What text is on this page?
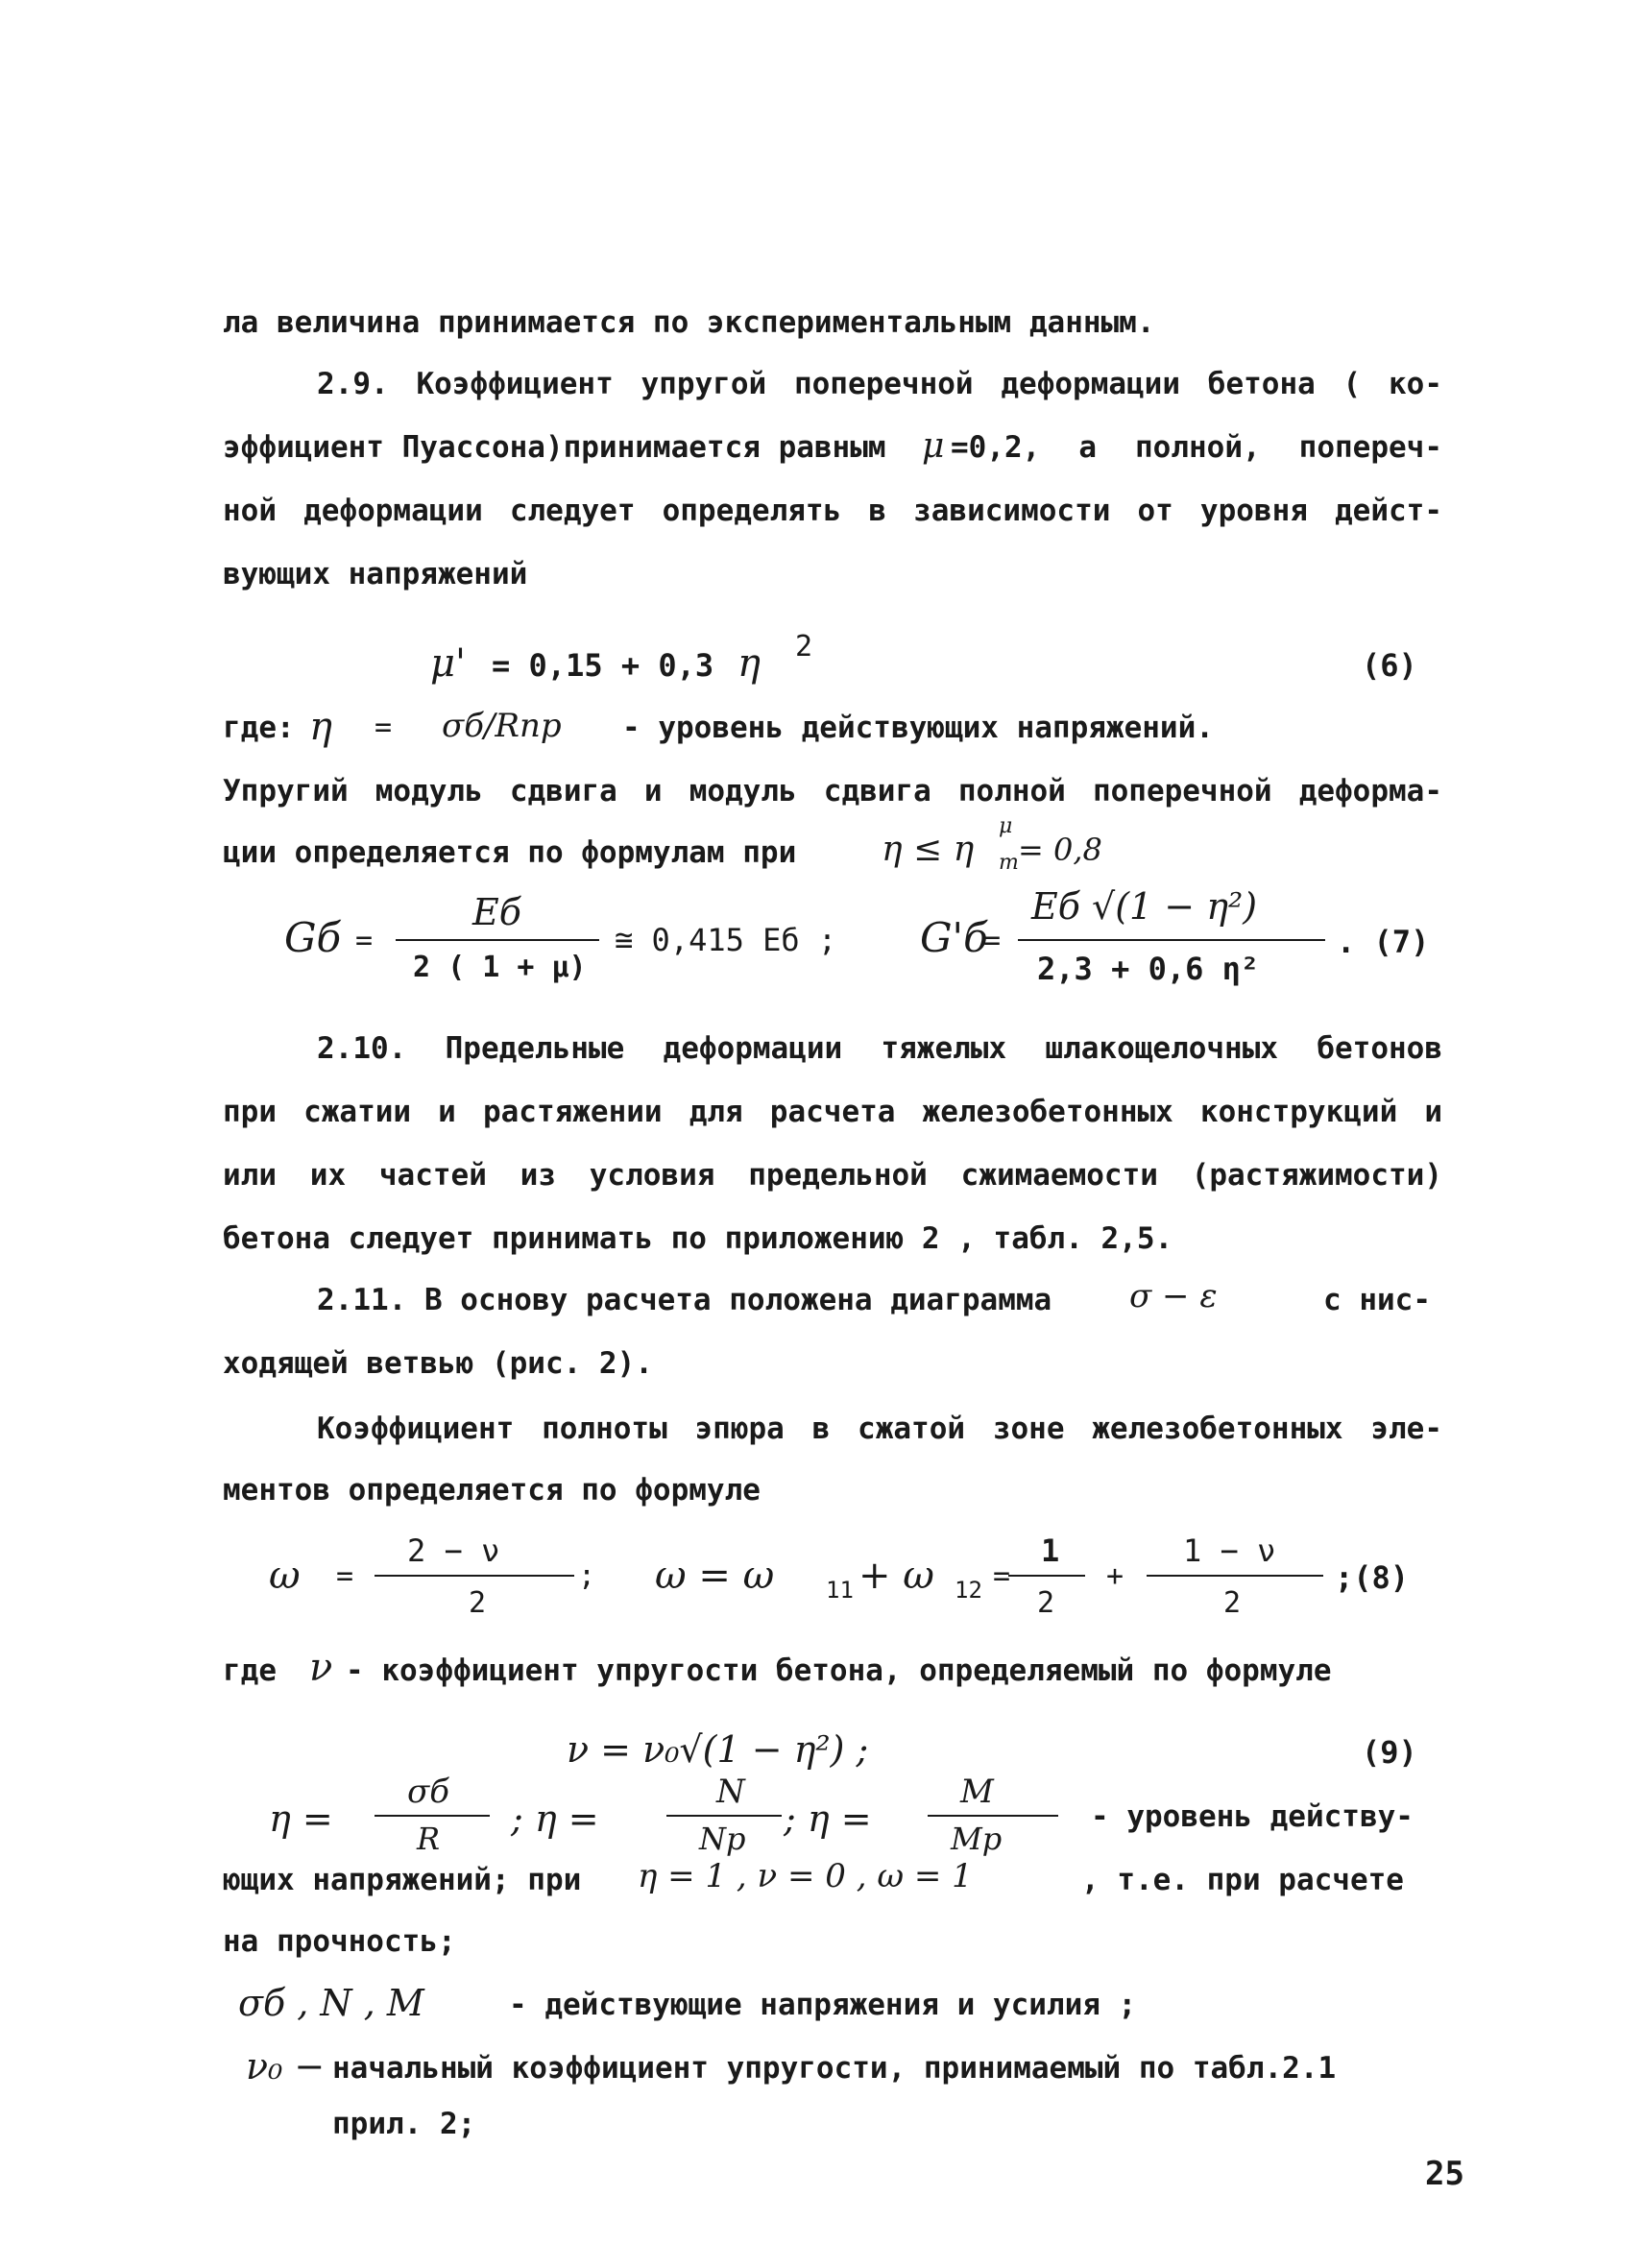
ла величина принимается по экспериментальным данным.
2.9. Коэффициент упругой поперечной деформации бетона ( ко-
эффициент Пуассона)принимается равным μ =0,2, а полной, попереч-
ной деформации следует определять в зависимости от уровня дейст-
вующих напряжений
μ' = 0,15 + 0,3 η 2
(6)
где: η = σб/Rпр - уровень действующих напряжений.
Упругий модуль сдвига и модуль сдвига полной поперечной деформа-
ции определяется по формулам при η ≤ η
μ
т = 0,8
Gб =
Eб
2 ( 1 + μ)
≅ 0,415 Eб ; G'б
=
Eб √(1 − η²)
2,3 + 0,6 η²
. (7)
2.10. Предельные деформации тяжелых шлакощелочных бетонов
при сжатии и растяжении для расчета железобетонных конструкций и
или их частей из условия предельной сжимаемости (растяжимости)
бетона следует принимать по приложению 2 , табл. 2,5.
2.11. В основу расчета положена диаграмма σ − ε	с нис-
ходящей ветвью (рис. 2).
Коэффициент полноты эпюра в сжатой зоне железобетонных эле-
ментов определяется по формуле
ω =
2 − ν
2
; ω = ω 11 + ω 12 =
1
2
+
1 − ν
2
;(8)
где ν - коэффициент упругости бетона, определяемый по формуле
ν = ν₀√(1 − η²) ;	(9)
η =
σб
R ; η =
N
Nр ; η =
M
Mр
- уровень действу-
ющих напряжений; при η = 1 , ν = 0 , ω = 1	, т.е. при расчете
на прочность;
σб , N , M	- действующие напряжения и усилия ;
ν₀ − начальный коэффициент упругости, принимаемый по табл.2.1
прил. 2;
25
